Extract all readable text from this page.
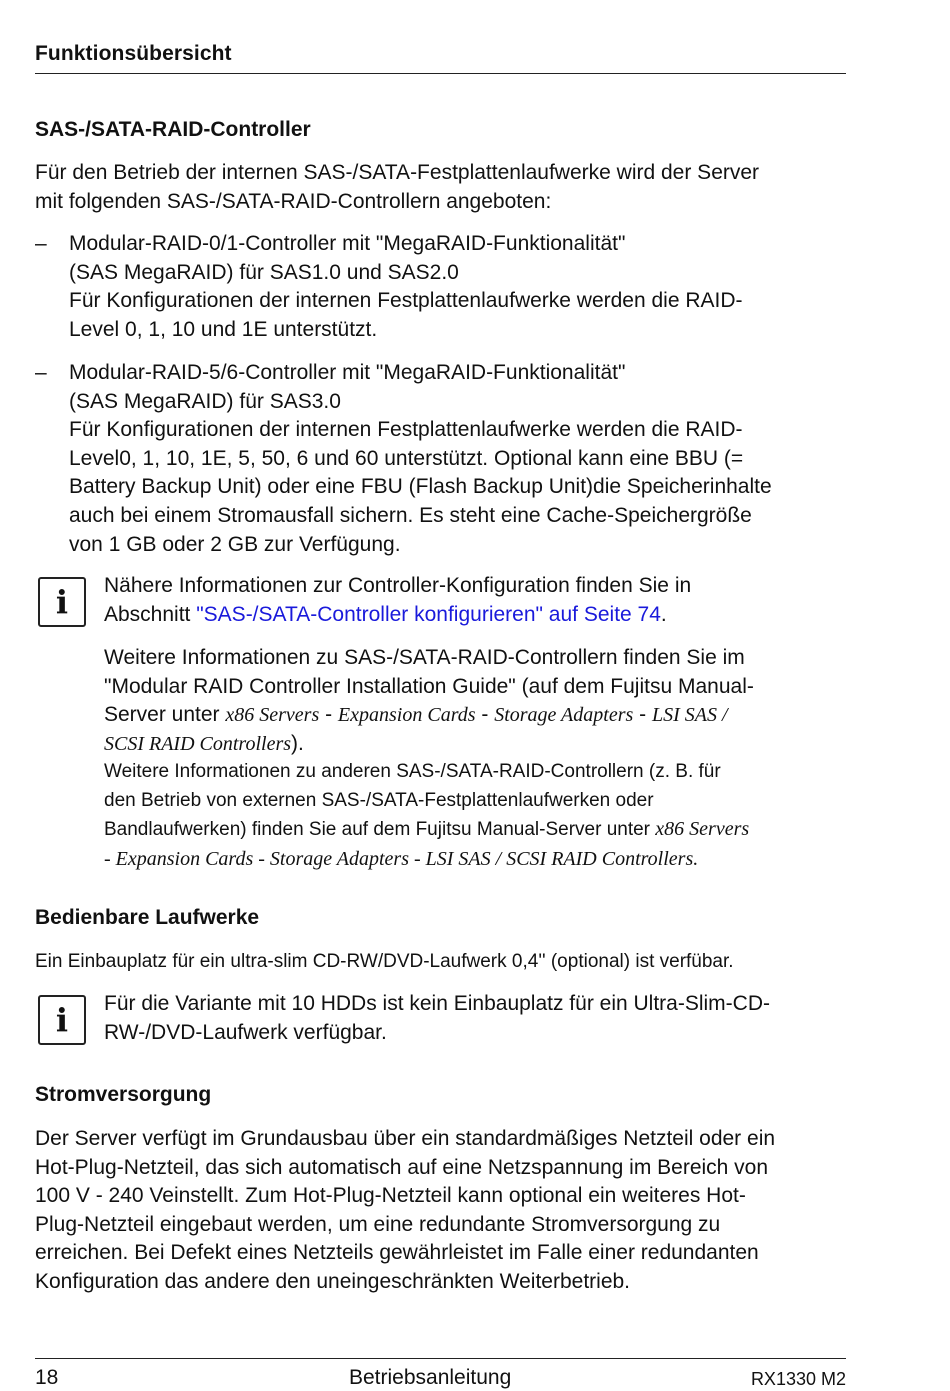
Funktionsübersicht
SAS-/SATA-RAID-Controller

Für den Betrieb der internen SAS-/SATA-Festplattenlaufwerke wird der Server
mit folgenden SAS-/SATA-RAID-Controllern angeboten:

– Modular-RAID-0/1-Controller mit "MegaRAID-Funktionalität"
(SAS MegaRAID) für SAS1.0 und SAS2.0
Für Konfigurationen der internen Festplattenlaufwerke werden die RAID-
Level 0, 1, 10 und 1E unterstützt.

– Modular-RAID-5/6-Controller mit "MegaRAID-Funktionalität"
(SAS MegaRAID) für SAS3.0
Für Konfigurationen der internen Festplattenlaufwerke werden die RAID-
Level0, 1, 10, 1E, 5, 50, 6 und 60 unterstützt. Optional kann eine BBU (=
Battery Backup Unit) oder eine FBU (Flash Backup Unit)die Speicherinhalte
auch bei einem Stromausfall sichern. Es steht eine Cache-Speichergröße
von 1 GB oder 2 GB zur Verfügung.

i	Nähere Informationen zur Controller-Konfiguration finden Sie in
Abschnitt "SAS-/SATA-Controller konfigurieren" auf Seite 74.

Weitere Informationen zu SAS-/SATA-RAID-Controllern finden Sie im
"Modular RAID Controller Installation Guide" (auf dem Fujitsu Manual-
Server unter x86 Servers - Expansion Cards - Storage Adapters - LSI SAS /
SCSI RAID Controllers).

Weitere Informationen zu anderen SAS-/SATA-RAID-Controllern (z. B. für
den Betrieb von externen SAS-/SATA-Festplattenlaufwerken oder
Bandlaufwerken) finden Sie auf dem Fujitsu Manual-Server unter x86 Servers
- Expansion Cards - Storage Adapters - LSI SAS / SCSI RAID Controllers.

Bedienbare Laufwerke

Ein Einbauplatz für ein ultra-slim CD-RW/DVD-Laufwerk 0,4'' (optional) ist verfübar.

i	Für die Variante mit 10 HDDs ist kein Einbauplatz für ein Ultra-Slim-CD-
RW-/DVD-Laufwerk verfügbar.

Stromversorgung

Der Server verfügt im Grundausbau über ein standardmäßiges Netzteil oder ein
Hot-Plug-Netzteil, das sich automatisch auf eine Netzspannung im Bereich von
100 V - 240 Veinstellt. Zum Hot-Plug-Netzteil kann optional ein weiteres Hot-
Plug-Netzteil eingebaut werden, um eine redundante Stromversorgung zu
erreichen. Bei Defekt eines Netzteils gewährleistet im Falle einer redundanten
Konfiguration das andere den uneingeschränkten Weiterbetrieb.

18	Betriebsanleitung	RX1330 M2
